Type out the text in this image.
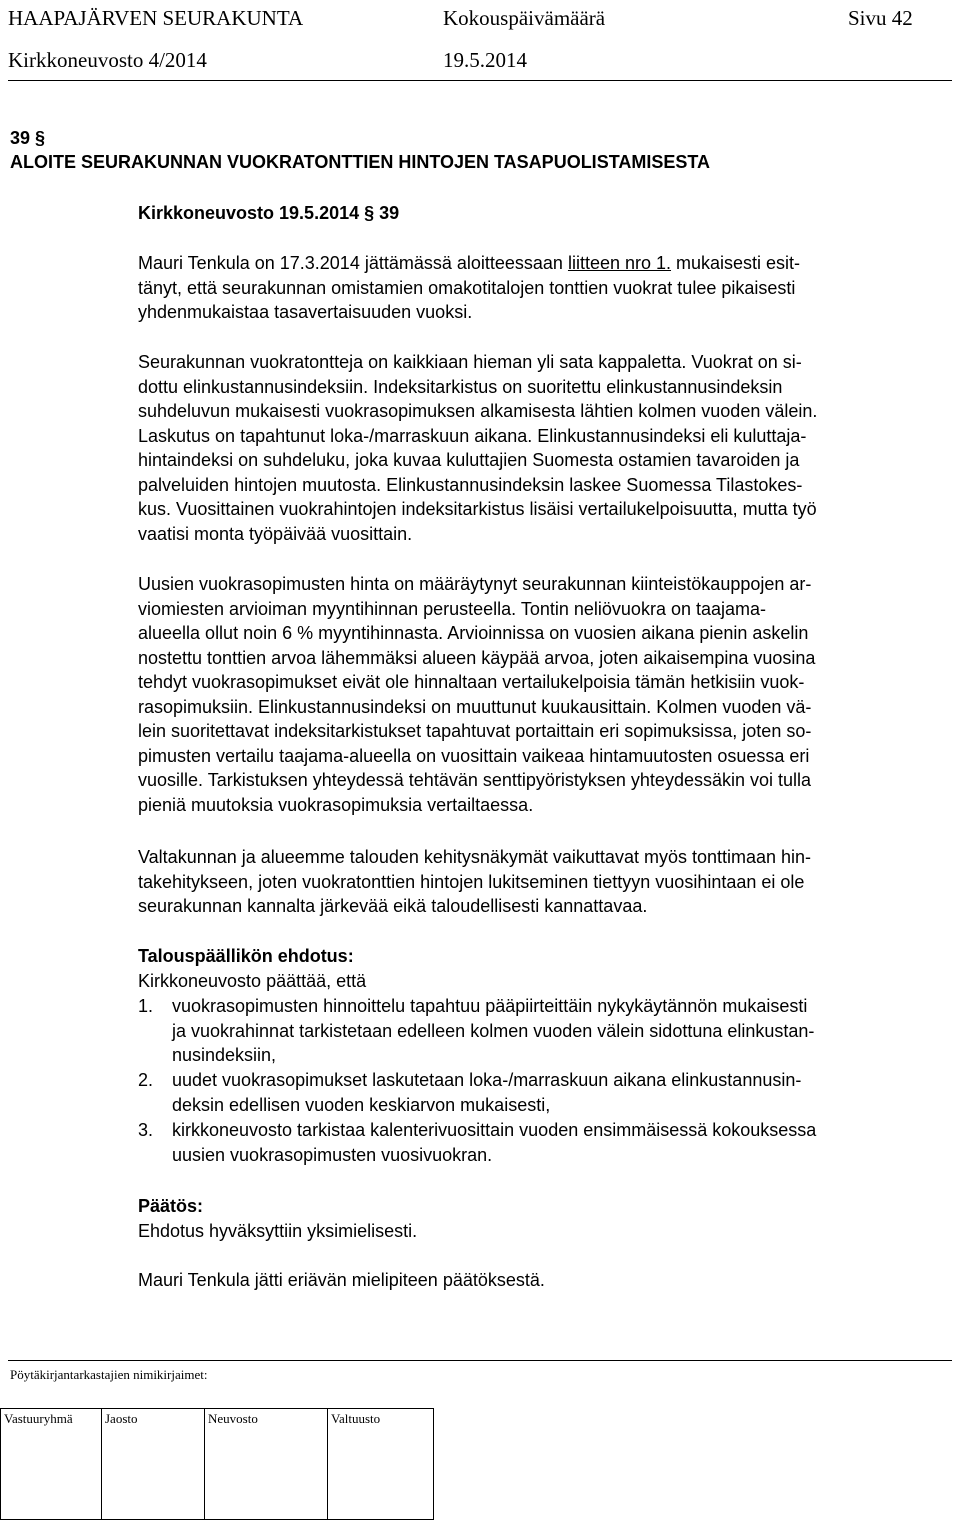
HAAPAJÄRVEN SEURAKUNTA	Kokouspäivämäärä	Sivu 42
Kirkkoneuvosto 4/2014	19.5.2014
39 §
ALOITE SEURAKUNNAN VUOKRATONTTIEN HINTOJEN TASAPUOLISTAMISESTA
Kirkkoneuvosto 19.5.2014 § 39
Mauri Tenkula on 17.3.2014 jättämässä aloitteessaan liitteen nro 1. mukaisesti esit-
tänyt, että seurakunnan omistamien omakotitalojen tonttien vuokrat tulee pikaisesti
yhdenmukaistaa tasavertaisuuden vuoksi.
Seurakunnan vuokratontteja on kaikkiaan hieman yli sata kappaletta. Vuokrat on si-
dottu elinkustannusindeksiin. Indeksitarkistus on suoritettu elinkustannusindeksin
suhdeluvun mukaisesti vuokrasopimuksen alkamisesta lähtien kolmen vuoden välein.
Laskutus on tapahtunut loka-/marraskuun aikana. Elinkustannusindeksi eli kuluttaja-
hintaindeksi on suhdeluku, joka kuvaa kuluttajien Suomesta ostamien tavaroiden ja
palveluiden hintojen muutosta. Elinkustannusindeksin laskee Suomessa Tilastokes-
kus. Vuosittainen vuokrahintojen indeksitarkistus lisäisi vertailukelpoisuutta, mutta työ
vaatisi monta työpäivää vuosittain.
Uusien vuokrasopimusten hinta on määräytynyt seurakunnan kiinteistökauppojen ar-
viomiesten arvioiman myyntihinnan perusteella. Tontin neliövuokra on taajama-
alueella ollut noin 6 % myyntihinnasta. Arvioinnissa on vuosien aikana pienin askelin
nostettu tonttien arvoa lähemmäksi alueen käypää arvoa, joten aikaisempina vuosina
tehdyt vuokrasopimukset eivät ole hinnaltaan vertailukelpoisia tämän hetkisiin vuok-
rasopimuksiin. Elinkustannusindeksi on muuttunut kuukausittain. Kolmen vuoden vä-
lein suoritettavat indeksitarkistukset tapahtuvat portaittain eri sopimuksissa, joten so-
pimusten vertailu taajama-alueella on vuosittain vaikeaa hintamuutosten osuessa eri
vuosille. Tarkistuksen yhteydessä tehtävän senttipyöristyksen yhteydessäkin voi tulla
pieniä muutoksia vuokrasopimuksia vertailtaessa.
Valtakunnan ja alueemme talouden kehitysnäkymät vaikuttavat myös tonttimaan hin-
takehitykseen, joten vuokratonttien hintojen lukitseminen tiettyyn vuosihintaan ei ole
seurakunnan kannalta järkevää eikä taloudellisesti kannattavaa.
Talouspäällikön ehdotus:
Kirkkoneuvosto päättää, että
1. vuokrasopimusten hinnoittelu tapahtuu pääpiirteittäin nykykäytännön mukaisesti
ja vuokrahinnat tarkistetaan edelleen kolmen vuoden välein sidottuna elinkustan-
nusindeksiin,
2. uudet vuokrasopimukset laskutetaan loka-/marraskuun aikana elinkustannusin-
deksin edellisen vuoden keskiarvon mukaisesti,
3. kirkkoneuvosto tarkistaa kalenterivuosittain vuoden ensimmäisessä kokouksessa
uusien vuokrasopimusten vuosivuokran.
Päätös:
Ehdotus hyväksyttiin yksimielisesti.
Mauri Tenkula jätti eriävän mielipiteen päätöksestä.
Pöytäkirjantarkastajien nimikirjaimet:
Vastuuryhmä	Jaosto	Neuvosto	Valtuusto
